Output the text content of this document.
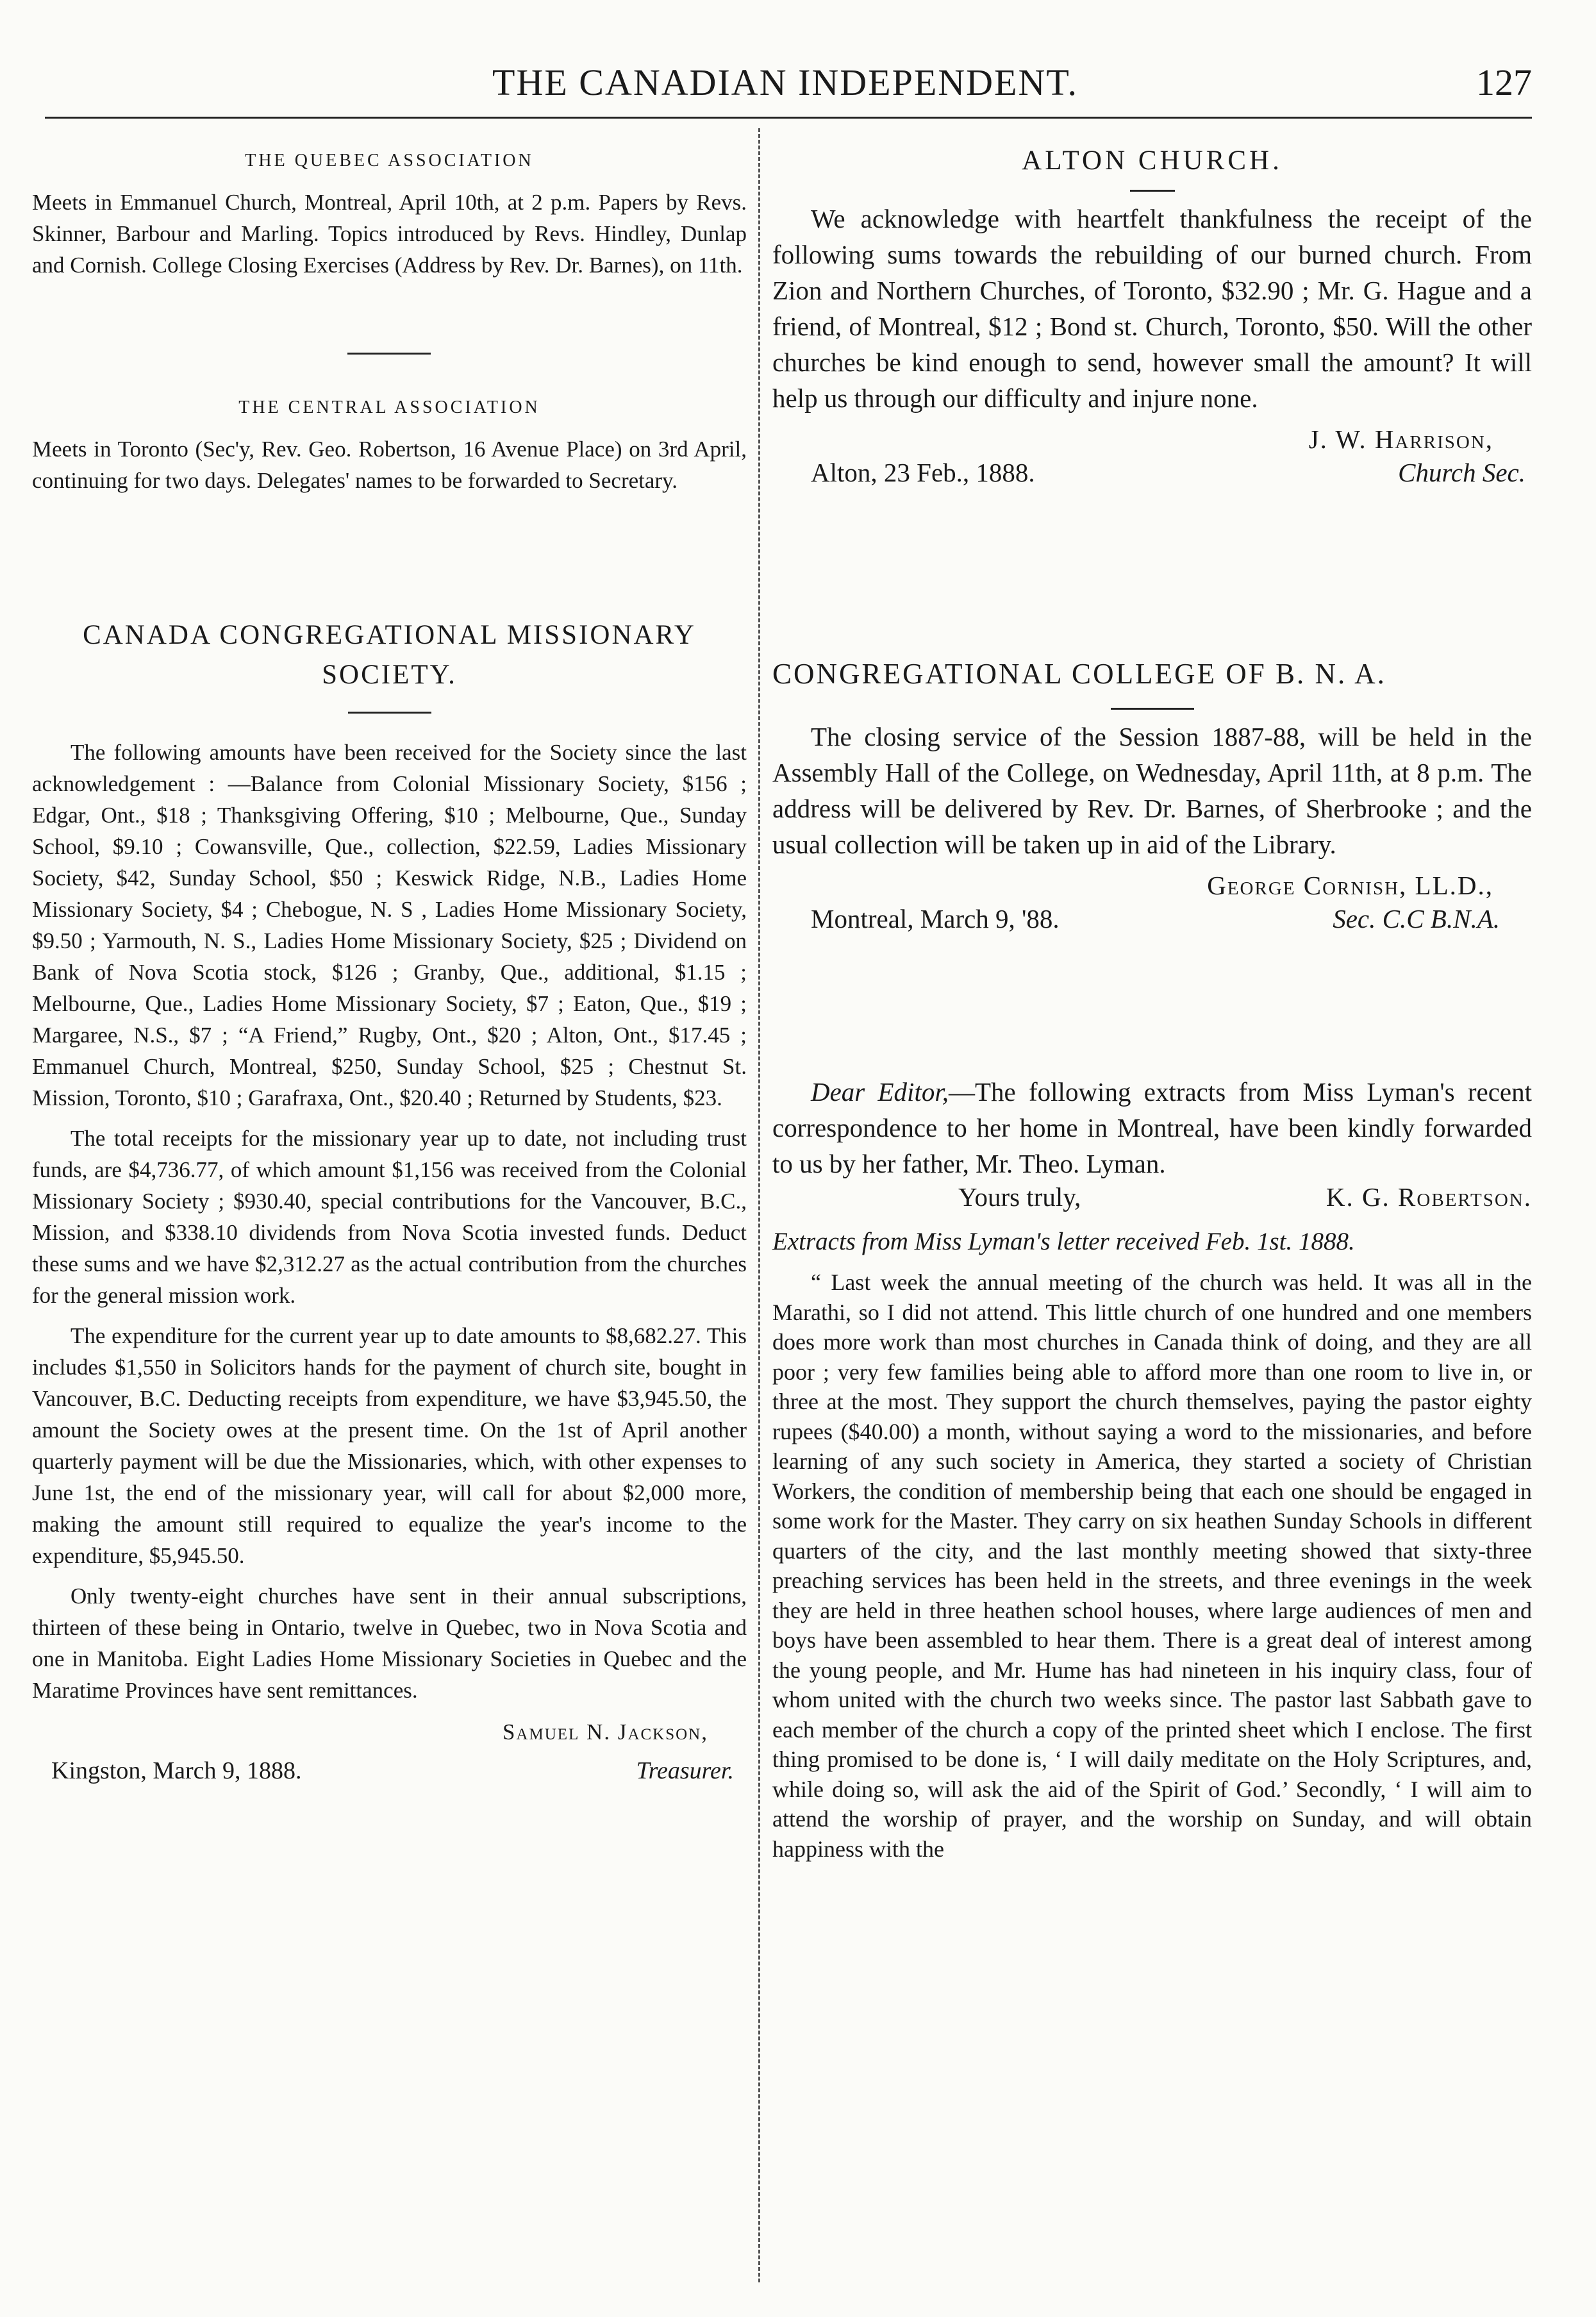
THE CANADIAN INDEPENDENT.	127

THE QUEBEC ASSOCIATION

Meets in Emmanuel Church, Montreal, April 10th, at 2 p.m. Papers by Revs. Skinner, Barbour and Marling. Topics introduced by Revs. Hindley, Dunlap and Cornish. College Closing Exercises (Address by Rev. Dr. Barnes), on 11th.

THE CENTRAL ASSOCIATION

Meets in Toronto (Sec'y, Rev. Geo. Robertson, 16 Avenue Place) on 3rd April, continuing for two days. Delegates' names to be forwarded to Secretary.

CANADA CONGREGATIONAL MISSIONARY

SOCIETY.

The following amounts have been received for the Society since the last acknowledgement : —Balance from Colonial Missionary Society, $156 ; Edgar, Ont., $18 ; Thanksgiving Offering, $10 ; Melbourne, Que., Sunday School, $9.10 ; Cowansville, Que., collection, $22.59, Ladies Missionary Society, $42, Sunday School, $50 ; Keswick Ridge, N.B., Ladies Home Missionary Society, $4 ; Chebogue, N. S , Ladies Home Missionary Society, $9.50 ; Yarmouth, N. S., Ladies Home Missionary Society, $25 ; Dividend on Bank of Nova Scotia stock, $126 ; Granby, Que., additional, $1.15 ; Melbourne, Que., Ladies Home Missionary Society, $7 ; Eaton, Que., $19 ; Margaree, N.S., $7 ; “A Friend,” Rugby, Ont., $20 ; Alton, Ont., $17.45 ; Emmanuel Church, Montreal, $250, Sunday School, $25 ; Chestnut St. Mission, Toronto, $10 ; Garafraxa, Ont., $20.40 ; Returned by Students, $23.

The total receipts for the missionary year up to date, not including trust funds, are $4,736.77, of which amount $1,156 was received from the Colonial Missionary Society ; $930.40, special contributions for the Vancouver, B.C., Mission, and $338.10 dividends from Nova Scotia invested funds. Deduct these sums and we have $2,312.27 as the actual contribution from the churches for the general mission work.

The expenditure for the current year up to date amounts to $8,682.27. This includes $1,550 in Solicitors hands for the payment of church site, bought in Vancouver, B.C. Deducting receipts from expenditure, we have $3,945.50, the amount the Society owes at the present time. On the 1st of April another quarterly payment will be due the Missionaries, which, with other expenses to June 1st, the end of the missionary year, will call for about $2,000 more, making the amount still required to equalize the year's income to the expenditure, $5,945.50.

Only twenty-eight churches have sent in their annual subscriptions, thirteen of these being in Ontario, twelve in Quebec, two in Nova Scotia and one in Manitoba. Eight Ladies Home Missionary Societies in Quebec and the Maratime Provinces have sent remittances.

Samuel N. Jackson,

Kingston, March 9, 1888.	Treasurer.

ALTON CHURCH.

We acknowledge with heartfelt thankfulness the receipt of the following sums towards the rebuilding of our burned church. From Zion and Northern Churches, of Toronto, $32.90 ; Mr. G. Hague and a friend, of Montreal, $12 ; Bond st. Church, Toronto, $50. Will the other churches be kind enough to send, however small the amount? It will help us through our difficulty and injure none.

J. W. Harrison,

Alton, 23 Feb., 1888.	Church Sec.

CONGREGATIONAL COLLEGE OF B. N. A.

The closing service of the Session 1887-88, will be held in the Assembly Hall of the College, on Wednesday, April 11th, at 8 p.m. The address will be delivered by Rev. Dr. Barnes, of Sherbrooke ; and the usual collection will be taken up in aid of the Library.

George Cornish, LL.D.,

Montreal, March 9, '88.	Sec. C.C B.N.A.

Dear Editor,—The following extracts from Miss Lyman's recent correspondence to her home in Montreal, have been kindly forwarded to us by her father, Mr. Theo. Lyman.

Yours truly,	K. G. Robertson.

Extracts from Miss Lyman's letter received Feb. 1st. 1888.

“ Last week the annual meeting of the church was held. It was all in the Marathi, so I did not attend. This little church of one hundred and one members does more work than most churches in Canada think of doing, and they are all poor ; very few families being able to afford more than one room to live in, or three at the most. They support the church themselves, paying the pastor eighty rupees ($40.00) a month, without saying a word to the missionaries, and before learning of any such society in America, they started a society of Christian Workers, the condition of membership being that each one should be engaged in some work for the Master. They carry on six heathen Sunday Schools in different quarters of the city, and the last monthly meeting showed that sixty-three preaching services has been held in the streets, and three evenings in the week they are held in three heathen school houses, where large audiences of men and boys have been assembled to hear them. There is a great deal of interest among the young people, and Mr. Hume has had nineteen in his inquiry class, four of whom united with the church two weeks since. The pastor last Sabbath gave to each member of the church a copy of the printed sheet which I enclose. The first thing promised to be done is, ‘ I will daily meditate on the Holy Scriptures, and, while doing so, will ask the aid of the Spirit of God.’ Secondly, ‘ I will aim to attend the worship of prayer, and the worship on Sunday, and will obtain happiness with the
